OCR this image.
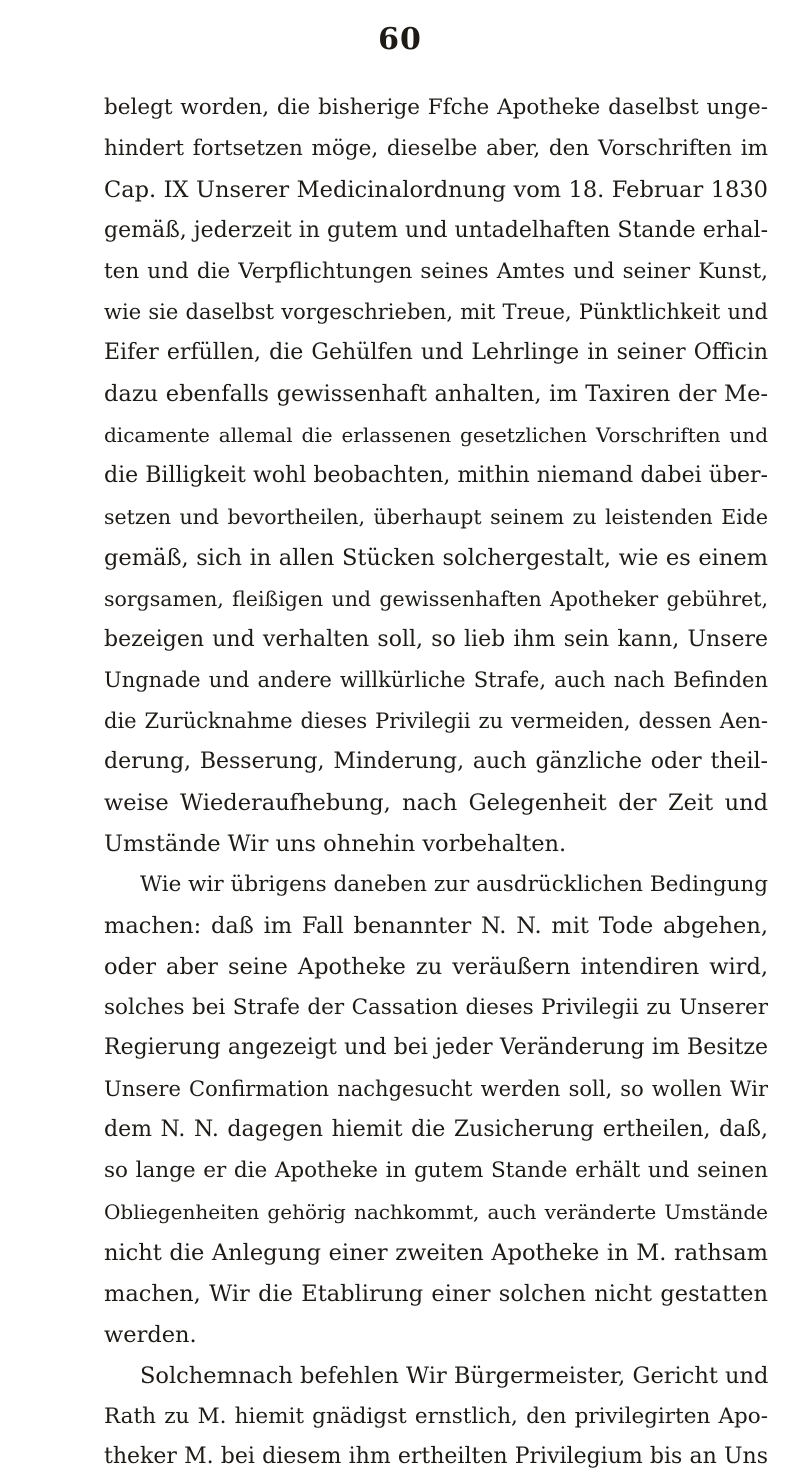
60
belegt worden, die bisherige Ffche Apotheke daselbst unge-
hindert fortsetzen möge, dieselbe aber, den Vorschriften im
Cap. IX Unserer Medicinalordnung vom 18. Februar 1830
gemäß, jederzeit in gutem und untadelhaften Stande erhal-
ten und die Verpflichtungen seines Amtes und seiner Kunst,
wie sie daselbst vorgeschrieben, mit Treue, Pünktlichkeit und
Eifer erfüllen, die Gehülfen und Lehrlinge in seiner Officin
dazu ebenfalls gewissenhaft anhalten, im Taxiren der Me-
dicamente allemal die erlassenen gesetzlichen Vorschriften und
die Billigkeit wohl beobachten, mithin niemand dabei über-
setzen und bevortheilen, überhaupt seinem zu leistenden Eide
gemäß, sich in allen Stücken solchergestalt, wie es einem
sorgsamen, fleißigen und gewissenhaften Apotheker gebühret,
bezeigen und verhalten soll, so lieb ihm sein kann, Unsere
Ungnade und andere willkürliche Strafe, auch nach Befinden
die Zurücknahme dieses Privilegii zu vermeiden, dessen Aen-
derung, Besserung, Minderung, auch gänzliche oder theil-
weise Wiederaufhebung, nach Gelegenheit der Zeit und
Umstände Wir uns ohnehin vorbehalten.
Wie wir übrigens daneben zur ausdrücklichen Bedingung
machen: daß im Fall benannter N. N. mit Tode abgehen,
oder aber seine Apotheke zu veräußern intendiren wird,
solches bei Strafe der Cassation dieses Privilegii zu Unserer
Regierung angezeigt und bei jeder Veränderung im Besitze
Unsere Confirmation nachgesucht werden soll, so wollen Wir
dem N. N. dagegen hiemit die Zusicherung ertheilen, daß,
so lange er die Apotheke in gutem Stande erhält und seinen
Obliegenheiten gehörig nachkommt, auch veränderte Umstände
nicht die Anlegung einer zweiten Apotheke in M. rathsam
machen, Wir die Etablirung einer solchen nicht gestatten
werden.
Solchemnach befehlen Wir Bürgermeister, Gericht und
Rath zu M. hiemit gnädigst ernstlich, den privilegirten Apo-
theker M. bei diesem ihm ertheilten Privilegium bis an Uns
